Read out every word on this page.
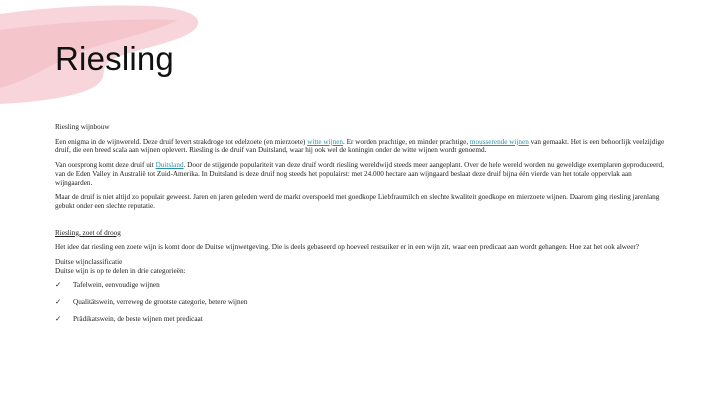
Riesling

Riesling wijnbouw

Een enigma in de wijnwereld. Deze druif levert strakdroge tot edelzoete (en mierzoete) witte wijnen. Er worden prachtige, en minder prachtige, mousserende wijnen van gemaakt. Het is een behoorlijk veelzijdige druif, die een breed scala aan wijnen oplevert. Riesling is de druif van Duitsland, waar hij ook wel de koningin onder de witte wijnen wordt genoemd.

Van oorsprong komt deze druif uit Duitsland. Door de stijgende populariteit van deze druif wordt riesling wereldwijd steeds meer aangeplant. Over de hele wereld worden nu geweldige exemplaren geproduceerd, van de Eden Valley in Australië tot Zuid-Amerika. In Duitsland is deze druif nog steeds het populairst: met 24.000 hectare aan wijngaard beslaat deze druif bijna één vierde van het totale oppervlak aan wijngaarden.

Maar de druif is niet altijd zo populair geweest. Jaren en jaren geleden werd de markt overspoeld met goedkope Liebfraumilch en slechte kwaliteit goedkope en mierzoete wijnen. Daarom ging riesling jarenlang gebukt onder een slechte reputatie.

Riesling, zoet of droog

Het idee dat riesling een zoete wijn is komt door de Duitse wijnwetgeving. Die is deels gebaseerd op hoeveel restsuiker er in een wijn zit, waar een predicaat aan wordt gehangen. Hoe zat het ook alweer?

Duitse wijnclassificatie
Duitse wijn is op te delen in drie categorieën:

✓	Tafelwein, eenvoudige wijnen
✓	Qualitätswein, verreweg de grootste categorie, betere wijnen
✓	Prädikatswein, de beste wijnen met predicaat
